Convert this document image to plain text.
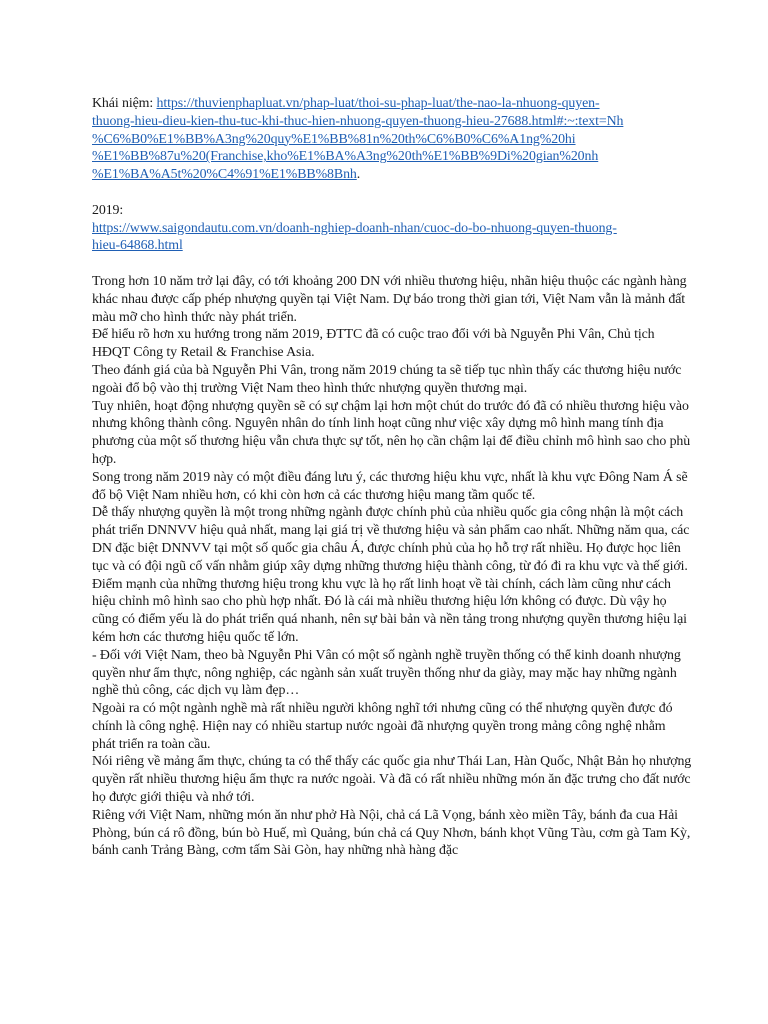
Khái niệm: https://thuvienphapluat.vn/phap-luat/thoi-su-phap-luat/the-nao-la-nhuong-quyen-
thuong-hieu-dieu-kien-thu-tuc-khi-thuc-hien-nhuong-quyen-thuong-hieu-27688.html#:~:text=Nh
%C6%B0%E1%BB%A3ng%20quy%E1%BB%81n%20th%C6%B0%C6%A1ng%20hi
%E1%BB%87u%20(Franchise,kho%E1%BA%A3ng%20th%E1%BB%9Di%20gian%20nh
%E1%BA%A5t%20%C4%91%E1%BB%8Bnh.
2019:
https://www.saigondautu.com.vn/doanh-nghiep-doanh-nhan/cuoc-do-bo-nhuong-quyen-thuong-
hieu-64868.html

Trong hơn 10 năm trở lại đây, có tới khoảng 200 DN với nhiều thương hiệu, nhãn hiệu thuộc các ngành hàng khác nhau được cấp phép nhượng quyền tại Việt Nam. Dự báo trong thời gian tới, Việt Nam vẫn là mảnh đất màu mỡ cho hình thức này phát triển.

Để hiểu rõ hơn xu hướng trong năm 2019, ĐTTC đã có cuộc trao đổi với bà Nguyễn Phi Vân, Chủ tịch HĐQT Công ty Retail & Franchise Asia.

Theo đánh giá của bà Nguyễn Phi Vân, trong năm 2019 chúng ta sẽ tiếp tục nhìn thấy các thương hiệu nước ngoài đổ bộ vào thị trường Việt Nam theo hình thức nhượng quyền thương mại.

Tuy nhiên, hoạt động nhượng quyền sẽ có sự chậm lại hơn một chút do trước đó đã có nhiều thương hiệu vào nhưng không thành công. Nguyên nhân do tính linh hoạt cũng như việc xây dựng mô hình mang tính địa phương của một số thương hiệu vẫn chưa thực sự tốt, nên họ cần chậm lại để điều chỉnh mô hình sao cho phù hợp.

Song trong năm 2019 này có một điều đáng lưu ý, các thương hiệu khu vực, nhất là khu vực Đông Nam Á sẽ đổ bộ Việt Nam nhiều hơn, có khi còn hơn cả các thương hiệu mang tầm quốc tế.

Dễ thấy nhượng quyền là một trong những ngành được chính phủ của nhiều quốc gia công nhận là một cách phát triển DNNVV hiệu quả nhất, mang lại giá trị về thương hiệu và sản phẩm cao nhất. Những năm qua, các DN đặc biệt DNNVV tại một số quốc gia châu Á, được chính phủ của họ hỗ trợ rất nhiều. Họ được học liên tục và có đội ngũ cố vấn nhằm giúp xây dựng những thương hiệu thành công, từ đó đi ra khu vực và thế giới.

Điểm mạnh của những thương hiệu trong khu vực là họ rất linh hoạt về tài chính, cách làm cũng như cách hiệu chỉnh mô hình sao cho phù hợp nhất. Đó là cái mà nhiều thương hiệu lớn không có được. Dù vậy họ cũng có điểm yếu là do phát triển quá nhanh, nên sự bài bản và nền tảng trong nhượng quyền thương hiệu lại kém hơn các thương hiệu quốc tế lớn.

- Đối với Việt Nam, theo bà Nguyễn Phi Vân có một số ngành nghề truyền thống có thể kinh doanh nhượng quyền như ẩm thực, nông nghiệp, các ngành sản xuất truyền thống như da giày, may mặc hay những ngành nghề thủ công, các dịch vụ làm đẹp…

Ngoài ra có một ngành nghề mà rất nhiều người không nghĩ tới nhưng cũng có thể nhượng quyền được đó chính là công nghệ. Hiện nay có nhiều startup nước ngoài đã nhượng quyền trong mảng công nghệ nhằm phát triển ra toàn cầu.

Nói riêng về mảng ẩm thực, chúng ta có thể thấy các quốc gia như Thái Lan, Hàn Quốc, Nhật Bản họ nhượng quyền rất nhiều thương hiệu ẩm thực ra nước ngoài. Và đã có rất nhiều những món ăn đặc trưng cho đất nước họ được giới thiệu và nhớ tới.

Riêng với Việt Nam, những món ăn như phở Hà Nội, chả cá Lã Vọng, bánh xèo miền Tây, bánh đa cua Hải Phòng, bún cá rô đồng, bún bò Huế, mì Quảng, bún chả cá Quy Nhơn, bánh khọt Vũng Tàu, cơm gà Tam Kỳ, bánh canh Trảng Bàng, cơm tấm Sài Gòn, hay những nhà hàng đặc
